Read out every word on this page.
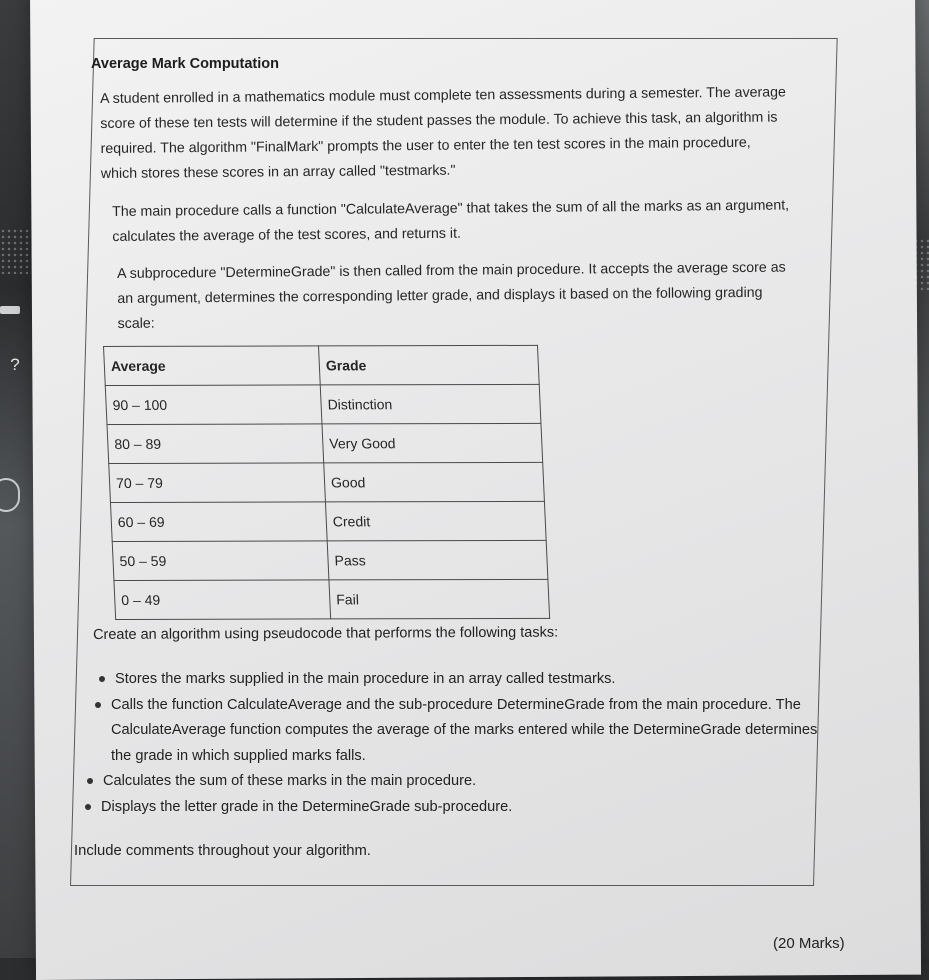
?
Average Mark Computation
A student enrolled in a mathematics module must complete ten assessments during a semester. The average score of these ten tests will determine if the student passes the module. To achieve this task, an algorithm is required. The algorithm "FinalMark" prompts the user to enter the ten test scores in the main procedure, which stores these scores in an array called "testmarks."
The main procedure calls a function "CalculateAverage" that takes the sum of all the marks as an argument, calculates the average of the test scores, and returns it.
A subprocedure "DetermineGrade" is then called from the main procedure. It accepts the average score as an argument, determines the corresponding letter grade, and displays it based on the following grading scale:
Average	Grade
90 – 100	Distinction
80 – 89	Very Good
70 – 79	Good
60 – 69	Credit
50 – 59	Pass
0 – 49	Fail
Create an algorithm using pseudocode that performs the following tasks:
Stores the marks supplied in the main procedure in an array called testmarks.
Calls the function CalculateAverage and the sub-procedure DetermineGrade from the main procedure. The CalculateAverage function computes the average of the marks entered while the DetermineGrade determines the grade in which supplied marks falls.
Calculates the sum of these marks in the main procedure.
Displays the letter grade in the DetermineGrade sub-procedure.
Include comments throughout your algorithm.
(20 Marks)
